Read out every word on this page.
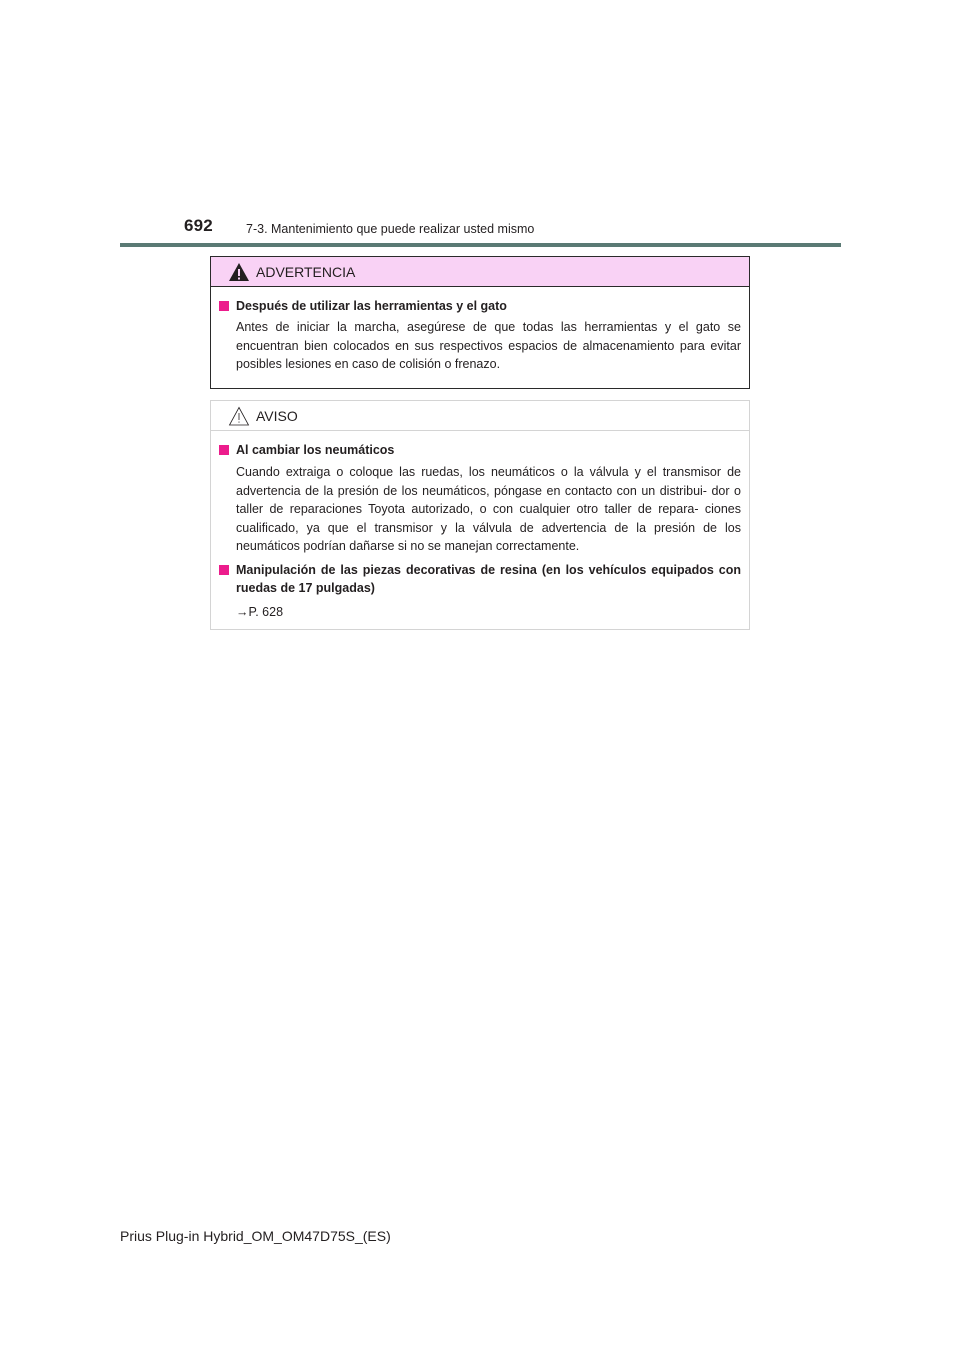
692	7-3. Mantenimiento que puede realizar usted mismo
ADVERTENCIA
Después de utilizar las herramientas y el gato
Antes de iniciar la marcha, asegúrese de que todas las herramientas y el gato se encuentran bien colocados en sus respectivos espacios de almacenamiento para evitar posibles lesiones en caso de colisión o frenazo.
AVISO
Al cambiar los neumáticos
Cuando extraiga o coloque las ruedas, los neumáticos o la válvula y el transmisor de advertencia de la presión de los neumáticos, póngase en contacto con un distribui- dor o taller de reparaciones Toyota autorizado, o con cualquier otro taller de repara- ciones cualificado, ya que el transmisor y la válvula de advertencia de la presión de los neumáticos podrían dañarse si no se manejan correctamente.
Manipulación de las piezas decorativas de resina (en los vehículos equipados con ruedas de 17 pulgadas)
→P. 628
Prius Plug-in Hybrid_OM_OM47D75S_(ES)
